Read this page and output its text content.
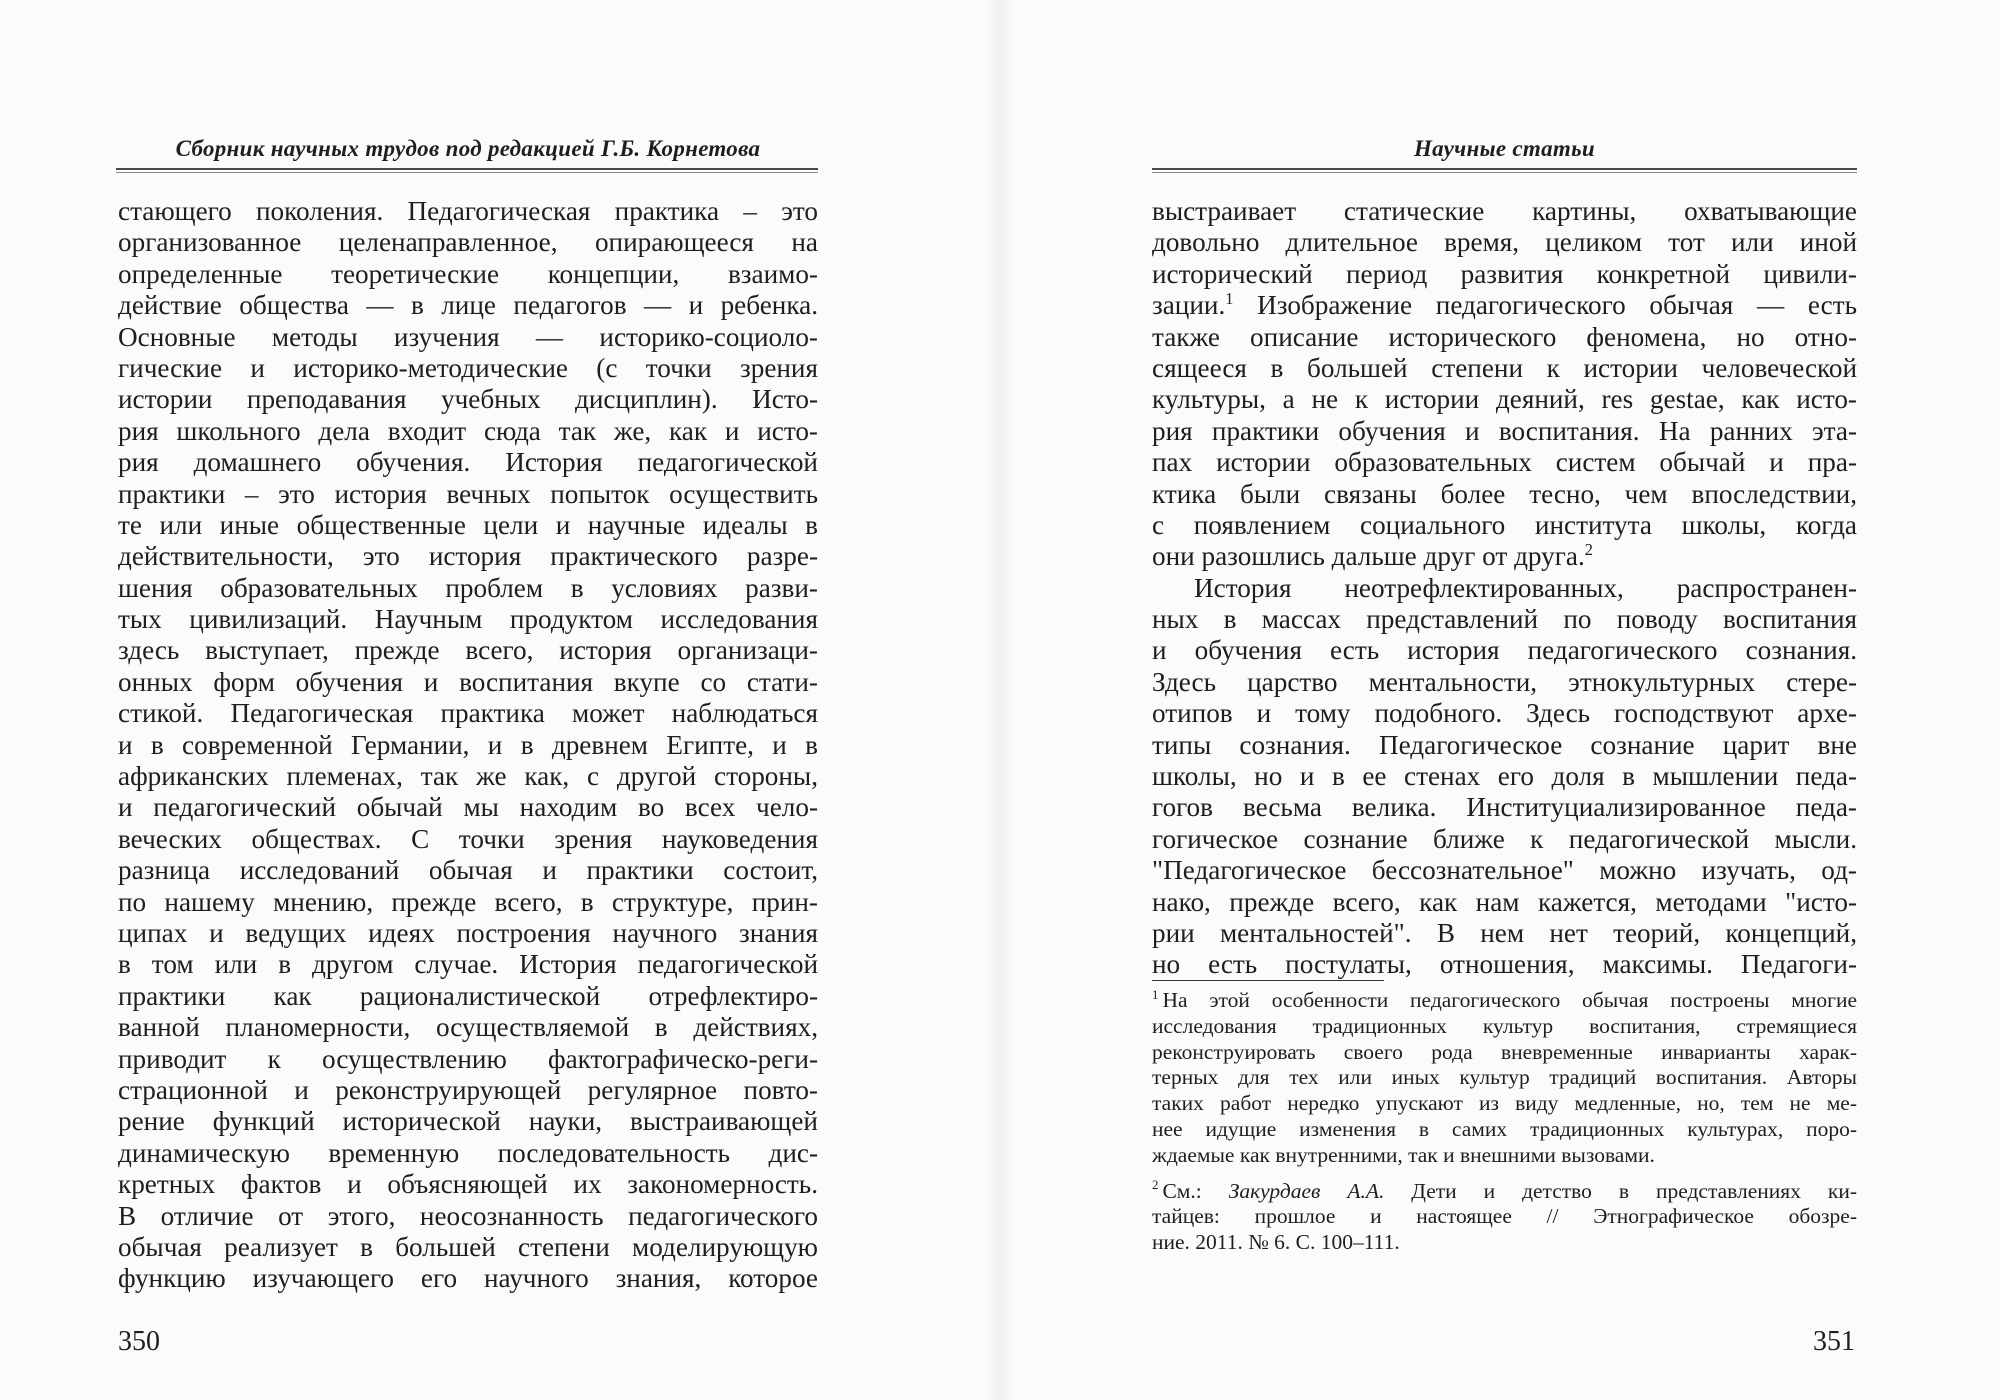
Сборник научных трудов под редакцией Г.Б. Корнетова
стающего поколения. Педагогическая практика – это
организованное целенаправленное, опирающееся на
определенные теоретические концепции, взаимо-
действие общества — в лице педагогов — и ребенка.
Основные методы изучения — историко-социоло-
гические и историко-методические (с точки зрения
истории преподавания учебных дисциплин). Исто-
рия школьного дела входит сюда так же, как и исто-
рия домашнего обучения. История педагогической
практики – это история вечных попыток осуществить
те или иные общественные цели и научные идеалы в
действительности, это история практического разре-
шения образовательных проблем в условиях разви-
тых цивилизаций. Научным продуктом исследования
здесь выступает, прежде всего, история организаци-
онных форм обучения и воспитания вкупе со стати-
стикой. Педагогическая практика может наблюдаться
и в современной Германии, и в древнем Египте, и в
африканских племенах, так же как, с другой стороны,
и педагогический обычай мы находим во всех чело-
веческих обществах. С точки зрения науковедения
разница исследований обычая и практики состоит,
по нашему мнению, прежде всего, в структуре, прин-
ципах и ведущих идеях построения научного знания
в том или в другом случае. История педагогической
практики как рационалистической отрефлектиро-
ванной планомерности, осуществляемой в действиях,
приводит к осуществлению фактографическо-реги-
страционной и реконструирующей регулярное повто-
рение функций исторической науки, выстраивающей
динамическую временную последовательность дис-
кретных фактов и объясняющей их закономерность.
В отличие от этого, неосознанность педагогического
обычая реализует в большей степени моделирующую
функцию изучающего его научного знания, которое
350
Научные статьи
выстраивает статические картины, охватывающие
довольно длительное время, целиком тот или иной
исторический период развития конкретной цивили-
зации.$^1$ Изображение педагогического обычая — есть
также описание исторического феномена, но отно-
сящееся в большей степени к истории человеческой
культуры, а не к истории деяний, res gestae, как исто-
рия практики обучения и воспитания. На ранних эта-
пах истории образовательных систем обычай и пра-
ктика были связаны более тесно, чем впоследствии,
с появлением социального института школы, когда
они разошлись дальше друг от друга.$^2$
История неотрефлектированных, распространен-
ных в массах представлений по поводу воспитания
и обучения есть история педагогического сознания.
Здесь царство ментальности, этнокультурных стере-
отипов и тому подобного. Здесь господствуют архе-
типы сознания. Педагогическое сознание царит вне
школы, но и в ее стенах его доля в мышлении педа-
гогов весьма велика. Институциализированное педа-
гогическое сознание ближе к педагогической мысли.
"Педагогическое бессознательное" можно изучать, од-
нако, прежде всего, как нам кажется, методами "исто-
рии ментальностей". В нем нет теорий, концепций,
но есть постулаты, отношения, максимы. Педагоги-
$^1$ На этой особенности педагогического обычая построены многие
исследования традиционных культур воспитания, стремящиеся
реконструировать своего рода вневременные инварианты харак-
терных для тех или иных культур традиций воспитания. Авторы
таких работ нередко упускают из виду медленные, но, тем не ме-
нее идущие изменения в самих традиционных культурах, поро-
ждаемые как внутренними, так и внешними вызовами.
$^2$ См.: Закурдаев А.А. Дети и детство в представлениях ки-
тайцев: прошлое и настоящее // Этнографическое обозре-
ние. 2011. № 6. С. 100–111.
351
